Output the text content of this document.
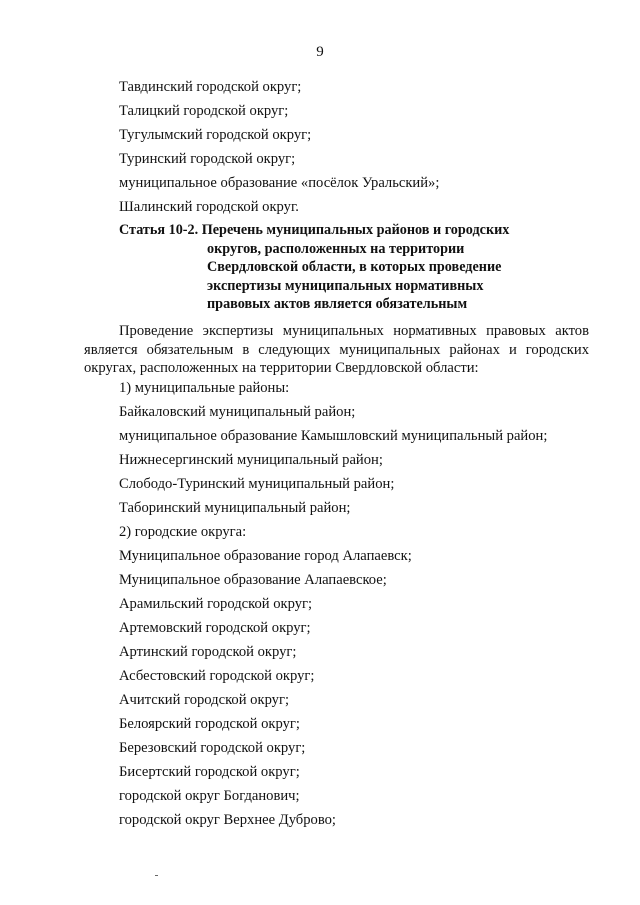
9
Тавдинский городской округ;
Талицкий городской округ;
Тугулымский городской округ;
Туринский городской округ;
муниципальное образование «посёлок Уральский»;
Шалинский городской округ.
Статья 10-2. Перечень муниципальных районов и городских
округов, расположенных на территории
Свердловской области, в которых проведение
экспертизы муниципальных нормативных
правовых актов является обязательным
Проведение экспертизы муниципальных нормативных правовых актов
является обязательным в следующих муниципальных районах и городских
округах, расположенных на территории Свердловской области:
1) муниципальные районы:
Байкаловский муниципальный район;
муниципальное образование Камышловский муниципальный район;
Нижнесергинский муниципальный район;
Слободо-Туринский муниципальный район;
Таборинский муниципальный район;
2) городские округа:
Муниципальное образование город Алапаевск;
Муниципальное образование Алапаевское;
Арамильский городской округ;
Артемовский городской округ;
Артинский городской округ;
Асбестовский городской округ;
Ачитский городской округ;
Белоярский городской округ;
Березовский городской округ;
Бисертский городской округ;
городской округ Богданович;
городской округ Верхнее Дуброво;
